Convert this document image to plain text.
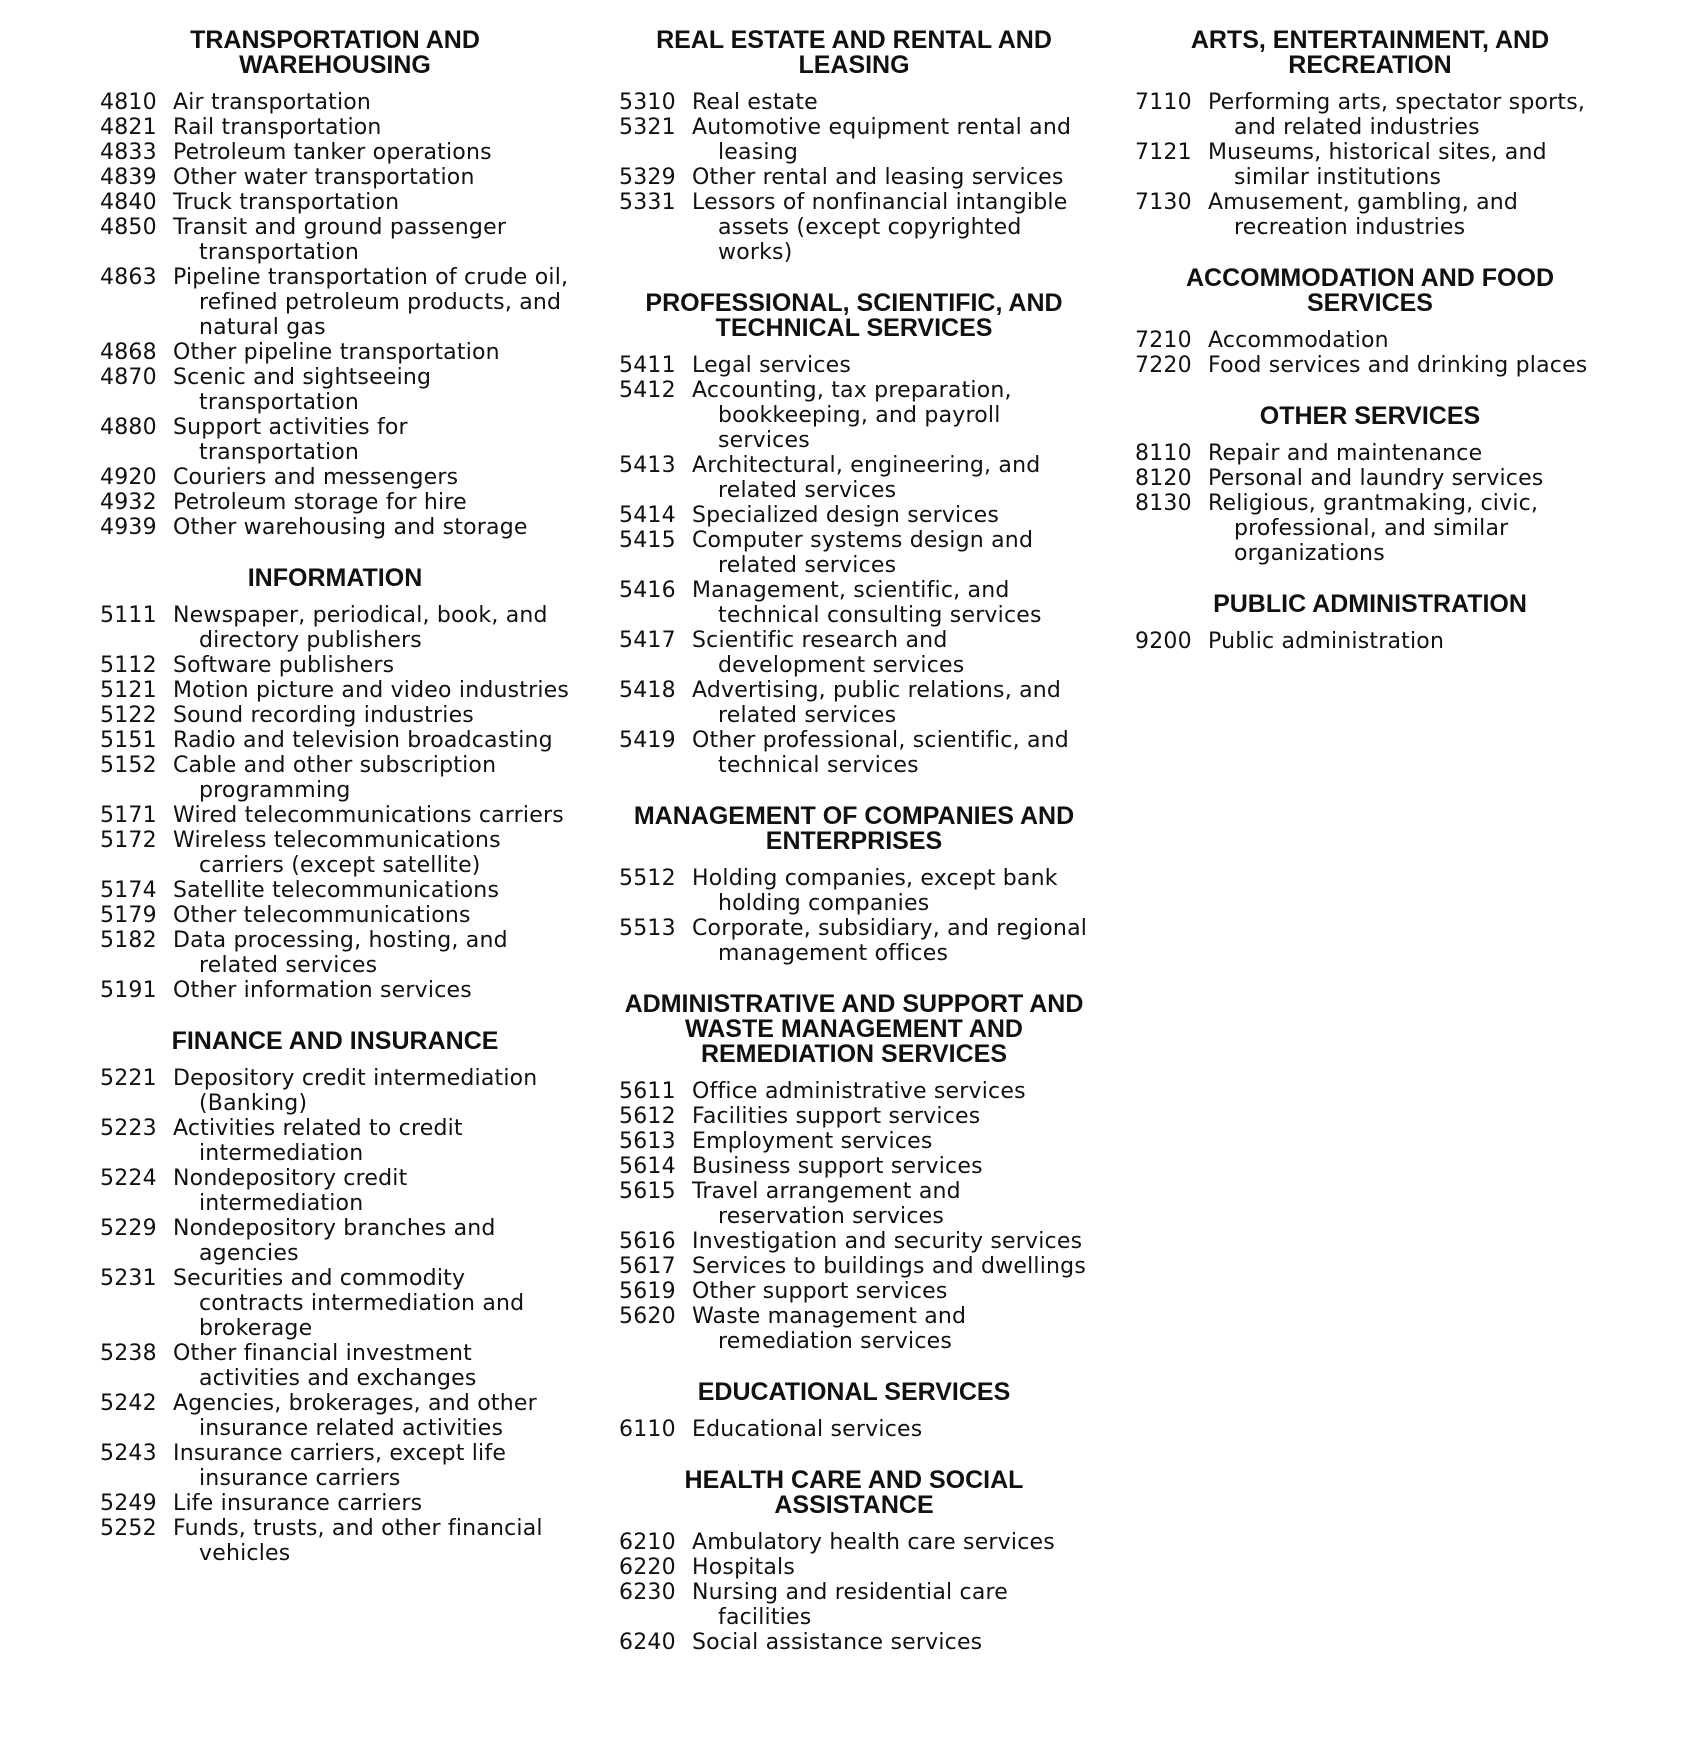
TRANSPORTATION AND WAREHOUSING
4810 Air transportation
4821 Rail transportation
4833 Petroleum tanker operations
4839 Other water transportation
4840 Truck transportation
4850 Transit and ground passenger transportation
4863 Pipeline transportation of crude oil, refined petroleum products, and natural gas
4868 Other pipeline transportation
4870 Scenic and sightseeing transportation
4880 Support activities for transportation
4920 Couriers and messengers
4932 Petroleum storage for hire
4939 Other warehousing and storage
INFORMATION
5111 Newspaper, periodical, book, and directory publishers
5112 Software publishers
5121 Motion picture and video industries
5122 Sound recording industries
5151 Radio and television broadcasting
5152 Cable and other subscription programming
5171 Wired telecommunications carriers
5172 Wireless telecommunications carriers (except satellite)
5174 Satellite telecommunications
5179 Other telecommunications
5182 Data processing, hosting, and related services
5191 Other information services
FINANCE AND INSURANCE
5221 Depository credit intermediation (Banking)
5223 Activities related to credit intermediation
5224 Nondepository credit intermediation
5229 Nondepository branches and agencies
5231 Securities and commodity contracts intermediation and brokerage
5238 Other financial investment activities and exchanges
5242 Agencies, brokerages, and other insurance related activities
5243 Insurance carriers, except life insurance carriers
5249 Life insurance carriers
5252 Funds, trusts, and other financial vehicles
REAL ESTATE AND RENTAL AND LEASING
5310 Real estate
5321 Automotive equipment rental and leasing
5329 Other rental and leasing services
5331 Lessors of nonfinancial intangible assets (except copyrighted works)
PROFESSIONAL, SCIENTIFIC, AND TECHNICAL SERVICES
5411 Legal services
5412 Accounting, tax preparation, bookkeeping, and payroll services
5413 Architectural, engineering, and related services
5414 Specialized design services
5415 Computer systems design and related services
5416 Management, scientific, and technical consulting services
5417 Scientific research and development services
5418 Advertising, public relations, and related services
5419 Other professional, scientific, and technical services
MANAGEMENT OF COMPANIES AND ENTERPRISES
5512 Holding companies, except bank holding companies
5513 Corporate, subsidiary, and regional management offices
ADMINISTRATIVE AND SUPPORT AND WASTE MANAGEMENT AND REMEDIATION SERVICES
5611 Office administrative services
5612 Facilities support services
5613 Employment services
5614 Business support services
5615 Travel arrangement and reservation services
5616 Investigation and security services
5617 Services to buildings and dwellings
5619 Other support services
5620 Waste management and remediation services
EDUCATIONAL SERVICES
6110 Educational services
HEALTH CARE AND SOCIAL ASSISTANCE
6210 Ambulatory health care services
6220 Hospitals
6230 Nursing and residential care facilities
6240 Social assistance services
ARTS, ENTERTAINMENT, AND RECREATION
7110 Performing arts, spectator sports, and related industries
7121 Museums, historical sites, and similar institutions
7130 Amusement, gambling, and recreation industries
ACCOMMODATION AND FOOD SERVICES
7210 Accommodation
7220 Food services and drinking places
OTHER SERVICES
8110 Repair and maintenance
8120 Personal and laundry services
8130 Religious, grantmaking, civic, professional, and similar organizations
PUBLIC ADMINISTRATION
9200 Public administration
